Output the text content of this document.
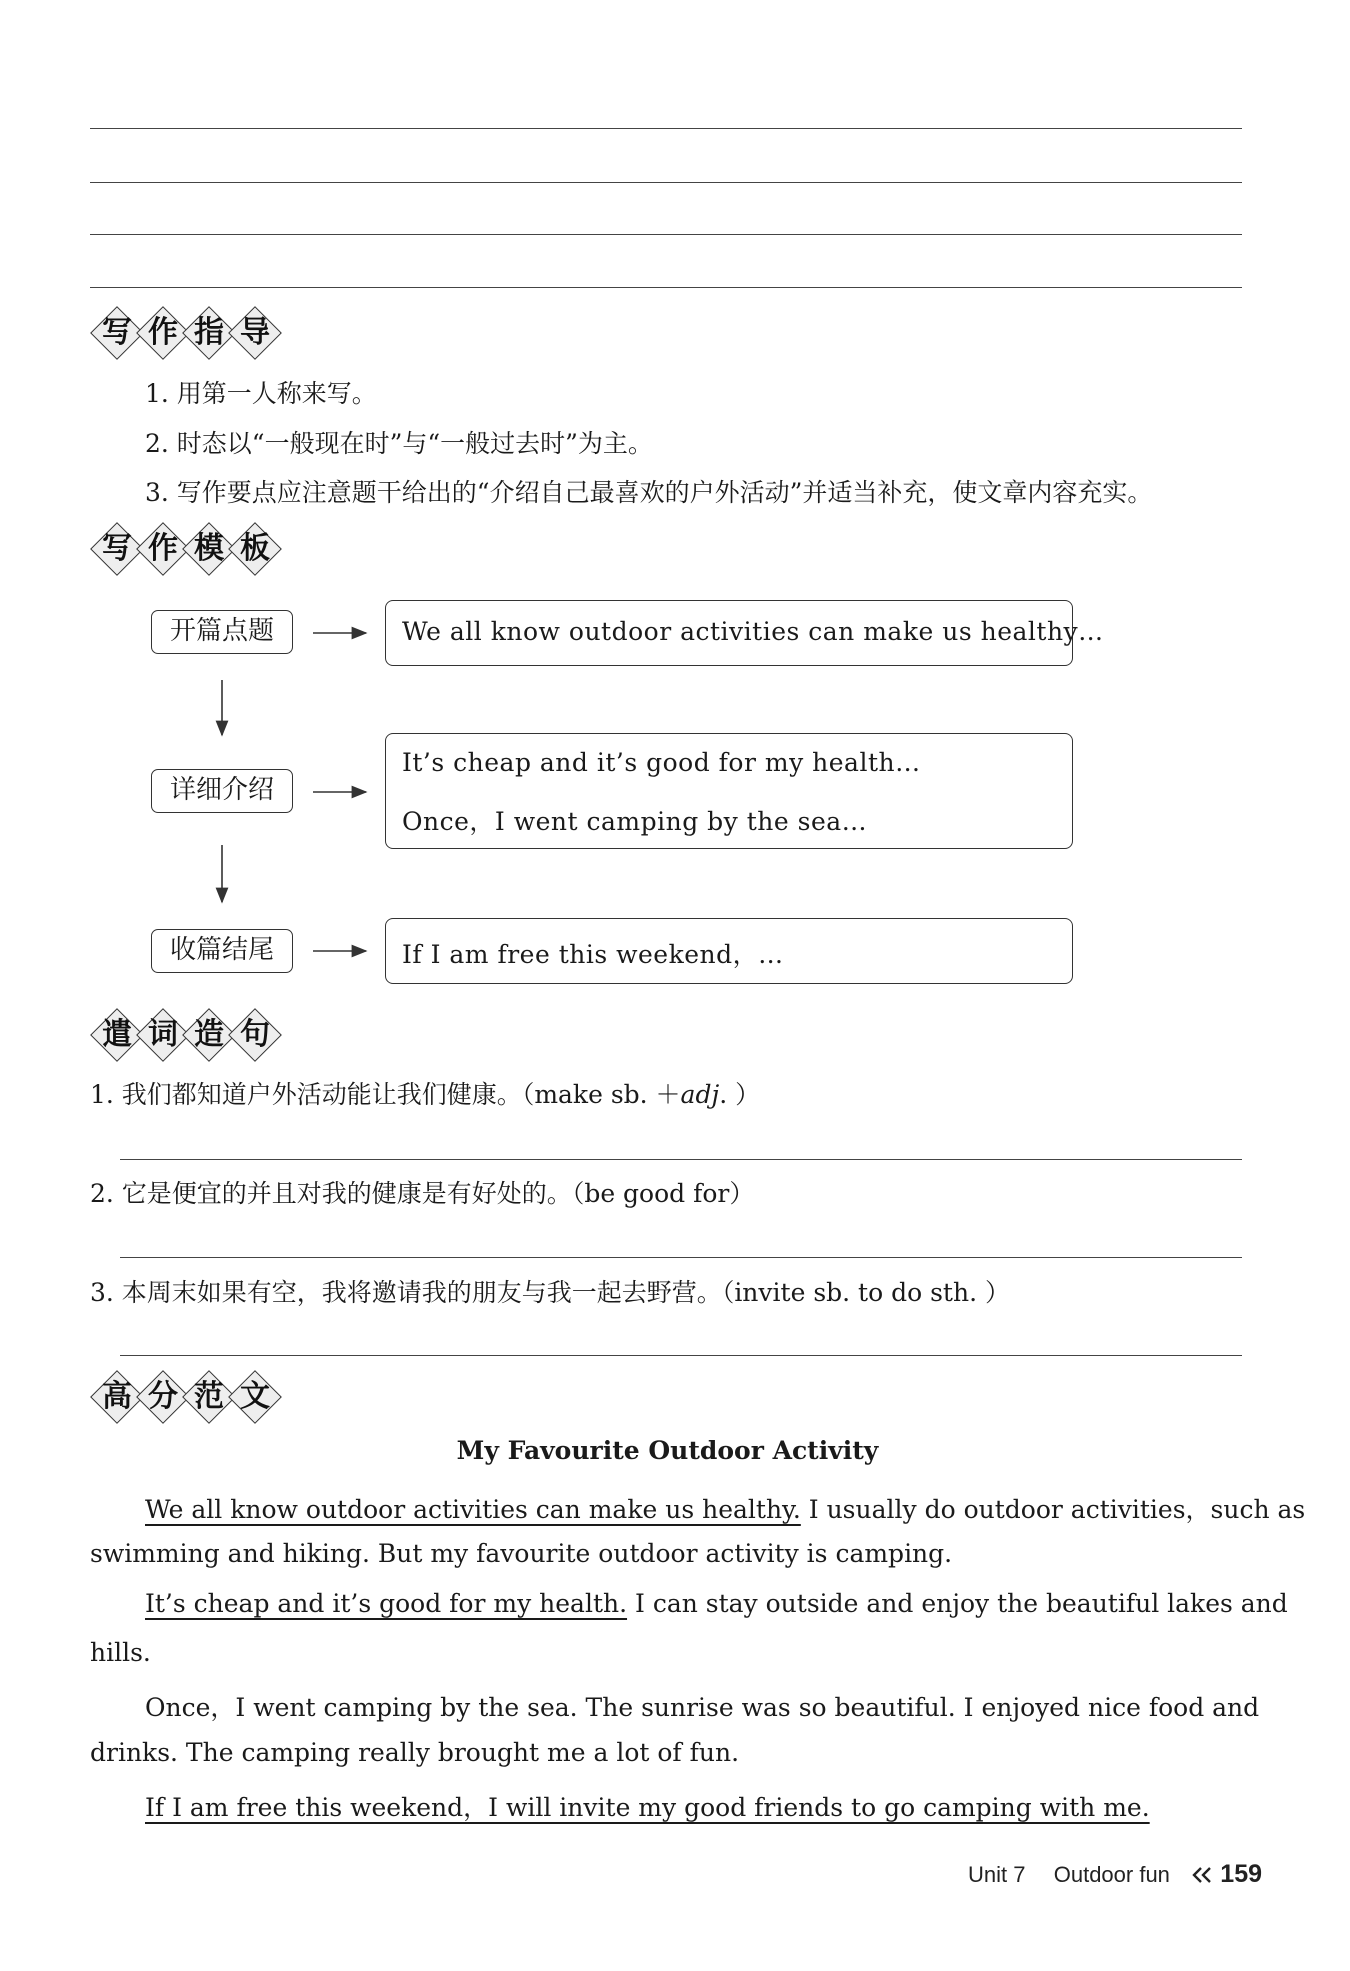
写 作 指 导
1. 用第一人称来写。
2. 时态以“一般现在时”与“一般过去时”为主。
3. 写作要点应注意题干给出的“介绍自己最喜欢的户外活动”并适当补充，使文章内容充实。
写 作 模 板
开篇点题
详细介绍
收篇结尾
We all know outdoor activities can make us healthy…
It’s cheap and it’s good for my health…
Once，I went camping by the sea…
If I am free this weekend，…
遣 词 造 句
1. 我们都知道户外活动能让我们健康。（make sb. ＋adj. ）
2. 它是便宜的并且对我的健康是有好处的。（be good for）
3. 本周末如果有空，我将邀请我的朋友与我一起去野营。（invite sb. to do sth. ）
高 分 范 文
My Favourite Outdoor Activity
We all know outdoor activities can make us healthy. I usually do outdoor activities，such as
swimming and hiking. But my favourite outdoor activity is camping.
It’s cheap and it’s good for my health. I can stay outside and enjoy the beautiful lakes and
hills.
Once，I went camping by the sea. The sunrise was so beautiful. I enjoyed nice food and
drinks. The camping really brought me a lot of fun.
If I am free this weekend，I will invite my good friends to go camping with me.
Unit 7 Outdoor fun 159
